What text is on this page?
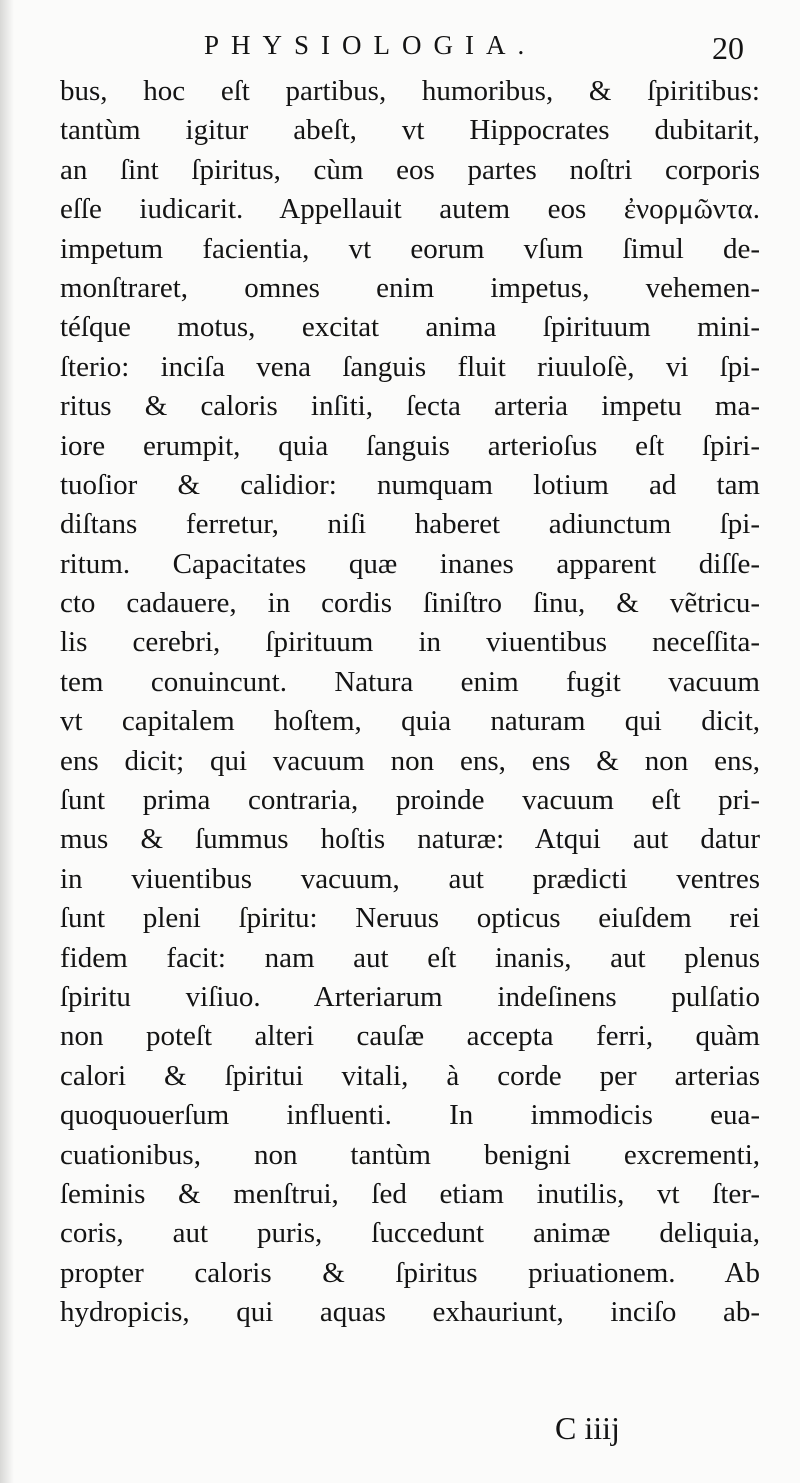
PHYSIOLOGIA.	20
bus, hoc eſt partibus, humoribus, & ſpiritibus:
tantùm igitur abeſt, vt Hippocrates dubitarit,
an ſint ſpiritus, cùm eos partes noſtri corporis
eſſe iudicarit. Appellauit autem eos ἐνορμῶντα.
impetum facientia, vt eorum vſum ſimul de-
monſtraret, omnes enim impetus, vehemen-
téſque motus, excitat anima ſpirituum mini-
ſterio: inciſa vena ſanguis fluit riuuloſè, vi ſpi-
ritus & caloris inſiti, ſecta arteria impetu ma-
iore erumpit, quia ſanguis arterioſus eſt ſpiri-
tuoſior & calidior: numquam lotium ad tam
diſtans ferretur, niſi haberet adiunctum ſpi-
ritum. Capacitates quæ inanes apparent diſſe-
cto cadauere, in cordis ſiniſtro ſinu, & vẽtricu-
lis cerebri, ſpirituum in viuentibus neceſſita-
tem conuincunt. Natura enim fugit vacuum
vt capitalem hoſtem, quia naturam qui dicit,
ens dicit; qui vacuum non ens, ens & non ens,
ſunt prima contraria, proinde vacuum eſt pri-
mus & ſummus hoſtis naturæ: Atqui aut datur
in viuentibus vacuum, aut prædicti ventres
ſunt pleni ſpiritu: Neruus opticus eiuſdem rei
fidem facit: nam aut eſt inanis, aut plenus
ſpiritu viſiuo. Arteriarum indeſinens pulſatio
non poteſt alteri cauſæ accepta ferri, quàm
calori & ſpiritui vitali, à corde per arterias
quoquouerſum influenti. In immodicis eua-
cuationibus, non tantùm benigni excrementi,
ſeminis & menſtrui, ſed etiam inutilis, vt ſter-
coris, aut puris, ſuccedunt animæ deliquia,
propter caloris & ſpiritus priuationem. Ab
hydropicis, qui aquas exhauriunt, inciſo ab-
C iiij
